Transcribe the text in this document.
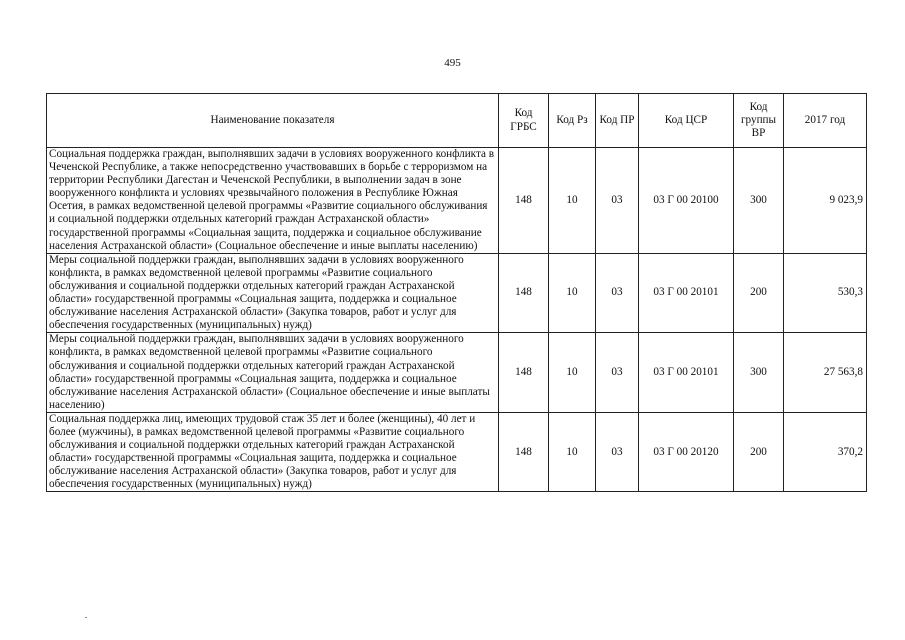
495
Наименование показателя	Код ГРБС	Код Рз	Код ПР	Код ЦСР	Код группы ВР	2017 год
Социальная поддержка граждан, выполнявших задачи в условиях вооруженного конфликта в Чеченской Республике, а также непосредственно участвовавших в борьбе с терроризмом на территории Республики Дагестан и Чеченской Республики, в выполнении задач в зоне вооруженного конфликта и условиях чрезвычайного положения в Республике Южная Осетия, в рамках ведомственной целевой программы «Развитие социального обслуживания и социальной поддержки отдельных категорий граждан Астраханской области» государственной программы «Социальная защита, поддержка и социальное обслуживание населения Астраханской области» (Социальное обеспечение и иные выплаты населению)	148	10	03	03 Г 00 20100	300	9 023,9
Меры социальной поддержки граждан, выполнявших задачи в условиях вооруженного конфликта, в рамках ведомственной целевой программы «Развитие социального обслуживания и социальной поддержки отдельных категорий граждан Астраханской области» государственной программы «Социальная защита, поддержка и социальное обслуживание населения Астраханской области» (Закупка товаров, работ и услуг для обеспечения государственных (муниципальных) нужд)	148	10	03	03 Г 00 20101	200	530,3
Меры социальной поддержки граждан, выполнявших задачи в условиях вооруженного конфликта, в рамках ведомственной целевой программы «Развитие социального обслуживания и социальной поддержки отдельных категорий граждан Астраханской области» государственной программы «Социальная защита, поддержка и социальное обслуживание населения Астраханской области» (Социальное обеспечение и иные выплаты населению)	148	10	03	03 Г 00 20101	300	27 563,8
Социальная поддержка лиц, имеющих трудовой стаж 35 лет и более (женщины), 40 лет и более (мужчины), в рамках ведомственной целевой программы «Развитие социального обслуживания и социальной поддержки отдельных категорий граждан Астраханской области» государственной программы «Социальная защита, поддержка и социальное обслуживание населения Астраханской области» (Закупка товаров, работ и услуг для обеспечения государственных (муниципальных) нужд)	148	10	03	03 Г 00 20120	200	370,2
